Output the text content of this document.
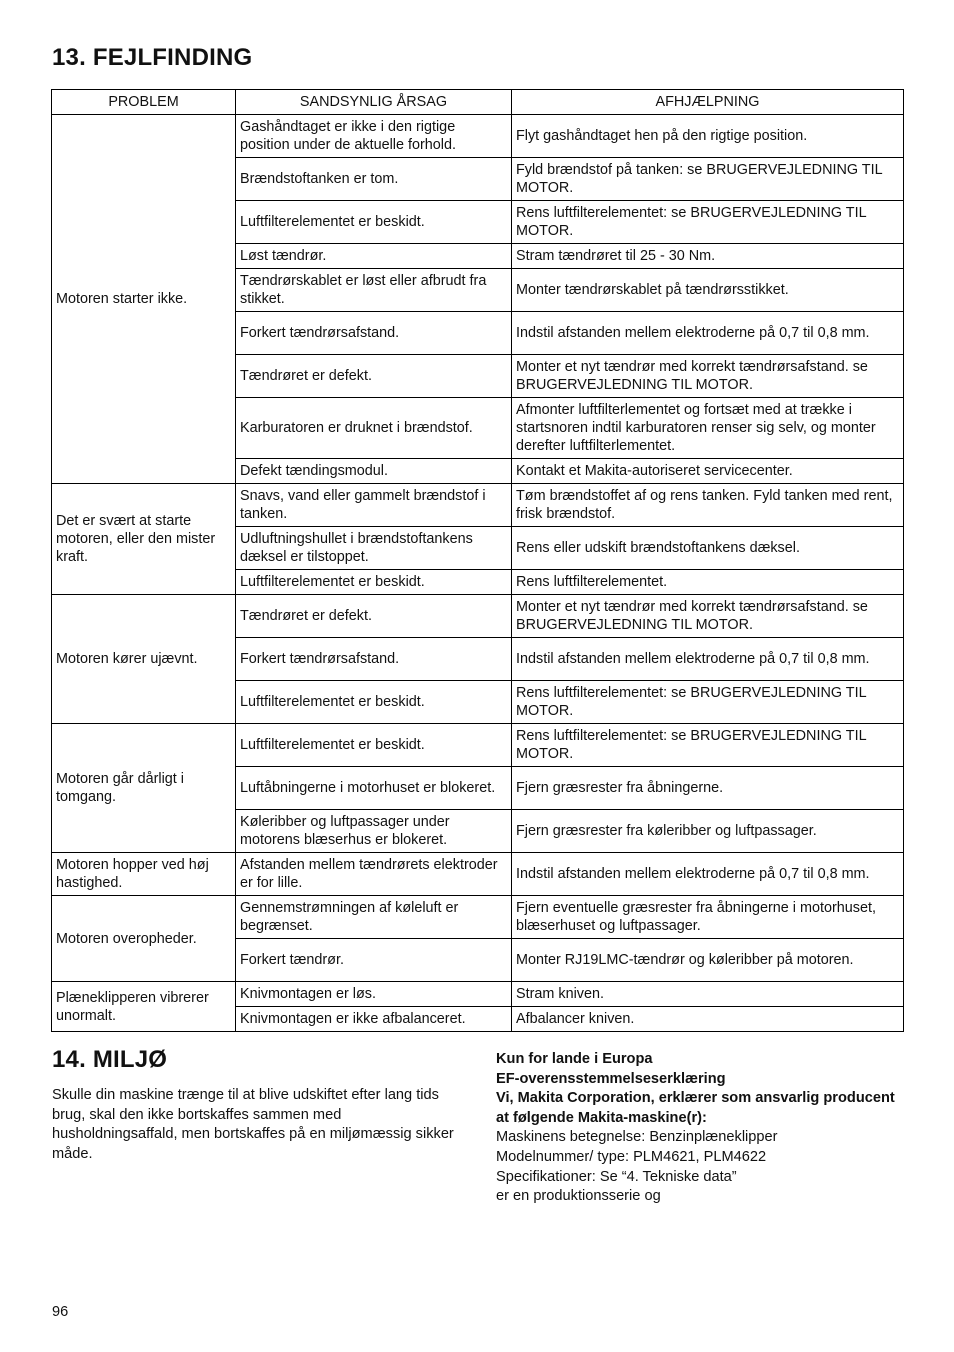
13. FEJLFINDING
PROBLEM	SANDSYNLIG ÅRSAG	AFHJÆLPNING
Motoren starter ikke.	Gashåndtaget er ikke i den rigtige position under de aktuelle forhold.	Flyt gashåndtaget hen på den rigtige position.
	Brændstoftanken er tom.	Fyld brændstof på tanken: se BRUGERVEJLEDNING TIL MOTOR.
	Luftfilterelementet er beskidt.	Rens luftfilterelementet: se BRUGERVEJLEDNING TIL MOTOR.
	Løst tændrør.	Stram tændrøret til 25 - 30 Nm.
	Tændrørskablet er løst eller afbrudt fra stikket.	Monter tændrørskablet på tændrørsstikket.
	Forkert tændrørsafstand.	Indstil afstanden mellem elektroderne på 0,7 til 0,8 mm.
	Tændrøret er defekt.	Monter et nyt tændrør med korrekt tændrørsafstand. se BRUGERVEJLEDNING TIL MOTOR.
	Karburatoren er druknet i brændstof.	Afmonter luftfilterlementet og fortsæt med at trække i startsnoren indtil karburatoren renser sig selv, og monter derefter luftfilterlementet.
	Defekt tændingsmodul.	Kontakt et Makita-autoriseret servicecenter.
Det er svært at starte motoren, eller den mister kraft.	Snavs, vand eller gammelt brændstof i tanken.	Tøm brændstoffet af og rens tanken. Fyld tanken med rent, frisk brændstof.
	Udluftningshullet i brændstoftankens dæksel er tilstoppet.	Rens eller udskift brændstoftankens dæksel.
	Luftfilterelementet er beskidt.	Rens luftfilterelementet.
Motoren kører ujævnt.	Tændrøret er defekt.	Monter et nyt tændrør med korrekt tændrørsafstand. se BRUGERVEJLEDNING TIL MOTOR.
	Forkert tændrørsafstand.	Indstil afstanden mellem elektroderne på 0,7 til 0,8 mm.
	Luftfilterelementet er beskidt.	Rens luftfilterelementet: se BRUGERVEJLEDNING TIL MOTOR.
Motoren går dårligt i tomgang.	Luftfilterelementet er beskidt.	Rens luftfilterelementet: se BRUGERVEJLEDNING TIL MOTOR.
	Luftåbningerne i motorhuset er blokeret.	Fjern græsrester fra åbningerne.
	Køleribber og luftpassager under motorens blæserhus er blokeret.	Fjern græsrester fra køleribber og luftpassager.
Motoren hopper ved høj hastighed.	Afstanden mellem tændrørets elektroder er for lille.	Indstil afstanden mellem elektroderne på 0,7 til 0,8 mm.
Motoren overopheder.	Gennemstrømningen af køleluft er begrænset.	Fjern eventuelle græsrester fra åbningerne i motorhuset, blæserhuset og luftpassager.
	Forkert tændrør.	Monter RJ19LMC-tændrør og køleribber på motoren.
Plæneklipperen vibrerer unormalt.	Knivmontagen er løs.	Stram kniven.
	Knivmontagen er ikke afbalanceret.	Afbalancer kniven.
14. MILJØ
Skulle din maskine trænge til at blive udskiftet efter lang tids brug, skal den ikke bortskaffes sammen med husholdningsaffald, men bortskaffes på en miljømæssig sikker måde.
Kun for lande i Europa
EF-overensstemmelseserklæring
Vi, Makita Corporation, erklærer som ansvarlig producent at følgende Makita-maskine(r):
Maskinens betegnelse: Benzinplæneklipper
Modelnummer/ type: PLM4621, PLM4622
Specifikationer: Se “4. Tekniske data”
er en produktionsserie og
96
